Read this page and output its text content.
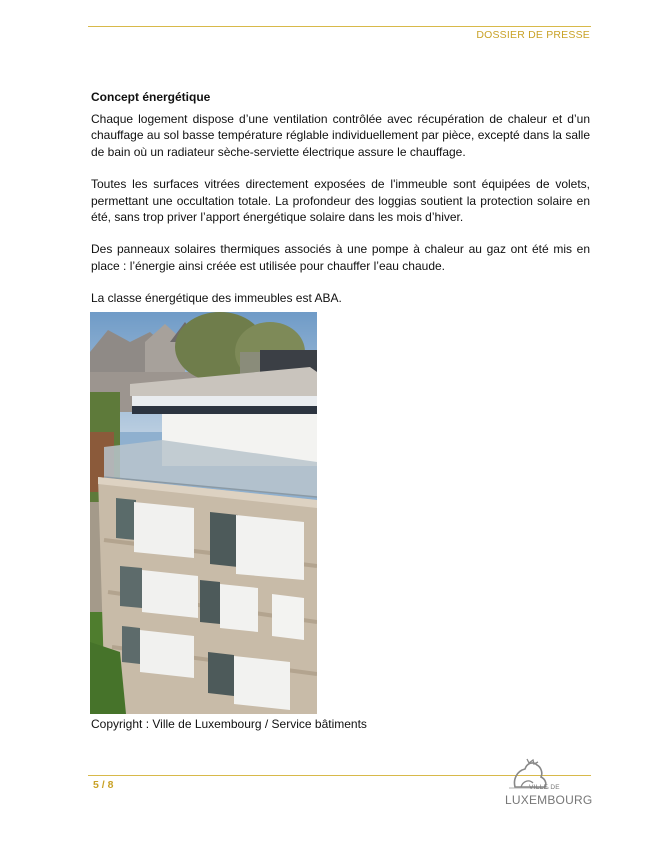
DOSSIER DE PRESSE
Concept énergétique

Chaque logement dispose d’une ventilation contrôlée avec récupération de chaleur et d’un chauffage au sol basse température réglable individuellement par pièce, excepté dans la salle de bain où un radiateur sèche-serviette électrique assure le chauffage.

Toutes les surfaces vitrées directement exposées de l'immeuble sont équipées de volets, permettant une occultation totale. La profondeur des loggias soutient la protection solaire en été, sans trop priver l’apport énergétique solaire dans les mois d’hiver.

Des panneaux solaires thermiques associés à une pompe à chaleur au gaz ont été mis en place : l’énergie ainsi créée est utilisée pour chauffer l’eau chaude.

La classe énergétique des immeubles est ABA.

Copyright : Ville de Luxembourg / Service bâtiments
5 / 8	VILLE DE
LUXEMBOURG
